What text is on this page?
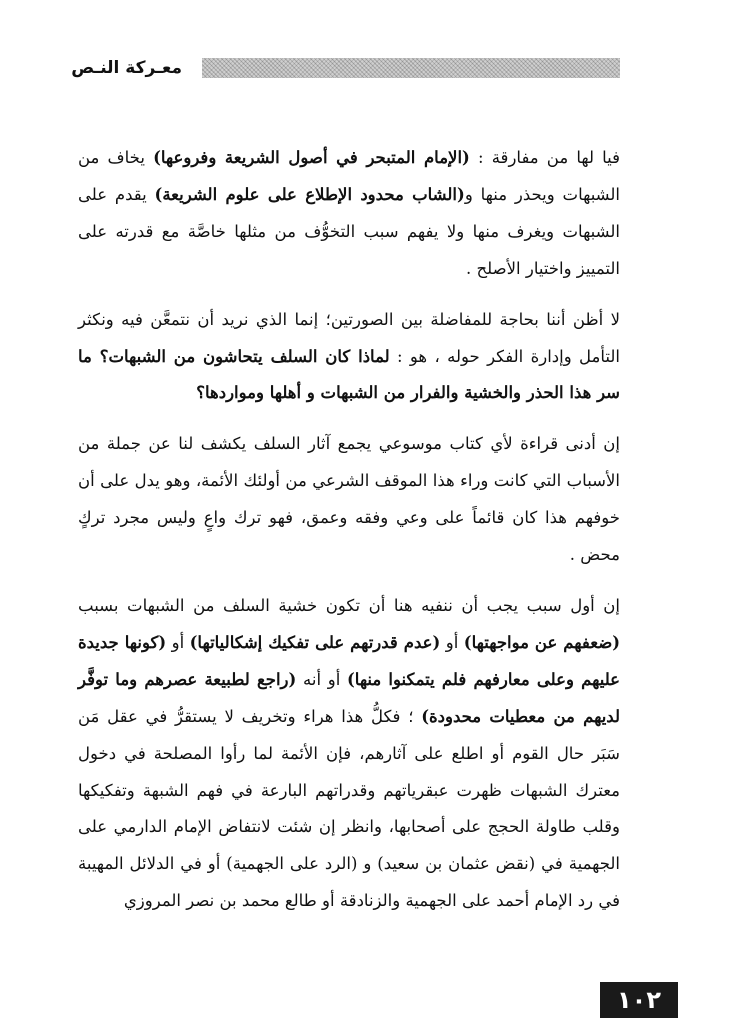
معـركة النـص

فيا لها من مفارقة : (الإمام المتبحر في أصول الشريعة وفروعها) يخاف من الشبهات ويحذر منها و(الشاب محدود الإطلاع على علوم الشريعة) يقدم على الشبهات ويغرف منها ولا يفهم سبب التخوُّف من مثلها خاصَّة مع قدرته على التمييز واختيار الأصلح .

لا أظن أننا بحاجة للمفاضلة بين الصورتين؛ إنما الذي نريد أن نتمعَّن فيه ونكثر التأمل وإدارة الفكر حوله ، هو : لماذا كان السلف يتحاشون من الشبهات؟ ما سر هذا الحذر والخشية والفرار من الشبهات و أهلها ومواردها؟

إن أدنى قراءة لأي كتاب موسوعي يجمع آثار السلف يكشف لنا عن جملة من الأسباب التي كانت وراء هذا الموقف الشرعي من أولئك الأئمة، وهو يدل على أن خوفهم هذا كان قائماً على وعي وفقه وعمق، فهو ترك واعٍ وليس مجرد تركٍ محض .

إن أول سبب يجب أن ننفيه هنا أن تكون خشية السلف من الشبهات بسبب (ضعفهم عن مواجهتها) أو (عدم قدرتهم على تفكيك إشكالياتها) أو (كونها جديدة عليهم وعلى معارفهم فلم يتمكنوا منها) أو أنه (راجع لطبيعة عصرهم وما توفَّر لديهم من معطيات محدودة) ؛ فكلُّ هذا هراء وتخريف لا يستقرُّ في عقل مَن سَبَر حال القوم أو اطلع على آثارهم، فإن الأئمة لما رأوا المصلحة في دخول معترك الشبهات ظهرت عبقرياتهم وقدراتهم البارعة في فهم الشبهة وتفكيكها وقلب طاولة الحجج على أصحابها، وانظر إن شئت لانتفاض الإمام الدارمي على الجهمية في (نقض عثمان بن سعيد) و (الرد على الجهمية) أو في الدلائل المهيبة في رد الإمام أحمد على الجهمية والزنادقة أو طالع محمد بن نصر المروزي

١٠٢
